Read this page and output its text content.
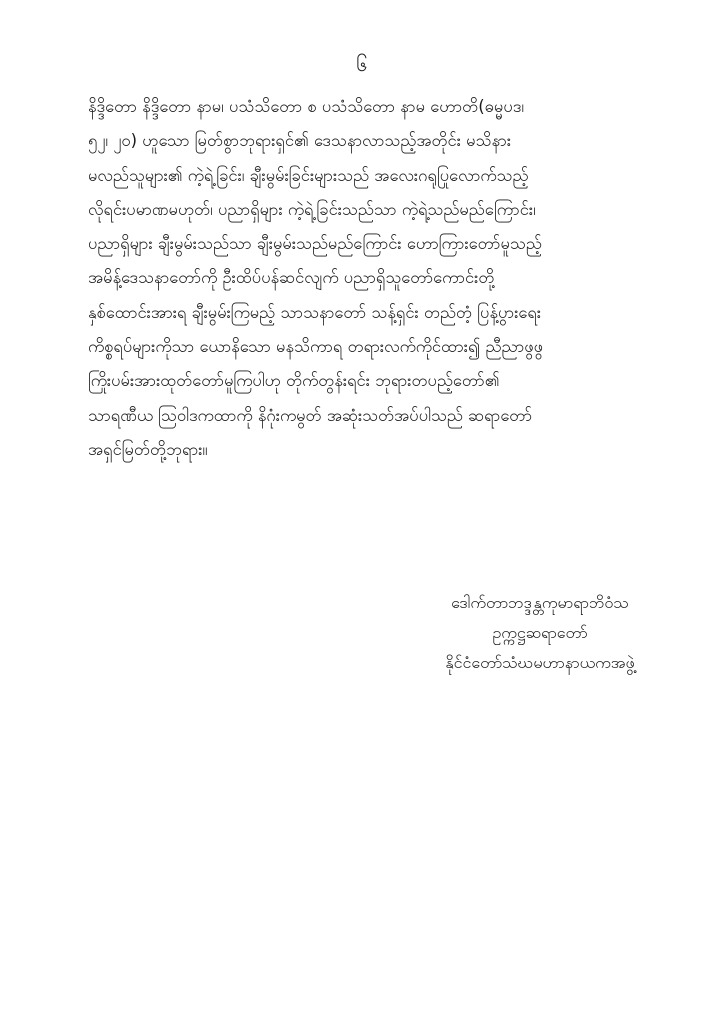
၆
နိဒ္ဒိတော နိဒ္ဒိတော နာမ၊ ပသံသိတော စ ပသံသိတော နာမ ဟောတိ(ဓမ္မပဒ၊
၅၂၊ ၂၀) ဟူသော မြတ်စွာဘုရားရှင်၏ ဒေသနာလာသည့်အတိုင်း မသိနား
မလည်သူများ၏ ကဲ့ရဲ့ခြင်း၊ ချီးမွမ်းခြင်းများသည် အလေးဂရုပြုလောက်သည့်
လိုရင်းပမာဏမဟုတ်၊ ပညာရှိများ ကဲ့ရဲ့ခြင်းသည်သာ ကဲ့ရဲ့သည်မည်ကြောင်း၊
ပညာရှိများ ချီးမွမ်းသည်သာ ချီးမွမ်းသည်မည်ကြောင်း ဟောကြားတော်မူသည့်
အမိန့်ဒေသနာတော်ကို ဦးထိပ်ပန်ဆင်လျက် ပညာရှိသူတော်ကောင်းတို့
နှစ်ထောင်းအားရ ချီးမွမ်းကြမည့် သာသနာတော် သန့်ရှင်း တည်တံ့ ပြန့်ပွားရေး
ကိစ္စရပ်များကိုသာ ယောနိသော မနသိကာရ တရားလက်ကိုင်ထား၍ ညီညာဖွဖွ
ကြိုးပမ်းအားထုတ်တော်မူကြပါဟု တိုက်တွန်းရင်း ဘုရားတပည့်တော်၏
သာရဏီယ သြဝါဒကထာကို နိဂုံးကမွတ် အဆုံးသတ်အပ်ပါသည် ဆရာတော်
အရှင်မြတ်တို့ဘုရား။
ဒေါက်တာဘဒ္ဒန္တကုမာရာဘိဝံသ
ဥက္ကဋ္ဌဆရာတော်
နိုင်ငံတော်သံဃမဟာနာယကအဖွဲ့
